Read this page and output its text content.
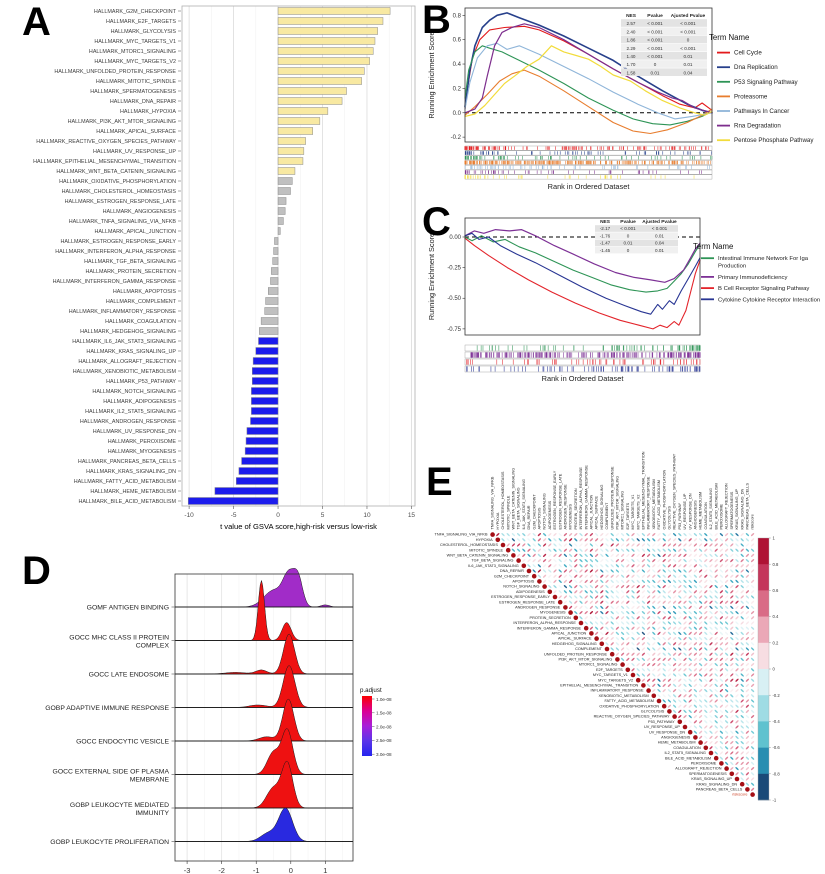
A	HALLMARK_G2M_CHECKPOINT
HALLMARK_E2F_TARGETS
HALLMARK_GLYCOLYSIS
HALLMARK_MYC_TARGETS_V1
HALLMARK_MTORC1_SIGNALING
HALLMARK_MYC_TARGETS_V2
HALLMARK_UNFOLDED_PROTEIN_RESPONSE
HALLMARK_MITOTIC_SPINDLE
HALLMARK_SPERMATOGENESIS
HALLMARK_DNA_REPAIR
HALLMARK_HYPOXIA
HALLMARK_PI3K_AKT_MTOR_SIGNALING
HALLMARK_APICAL_SURFACE
HALLMARK_REACTIVE_OXYGEN_SPECIES_PATHWAY
HALLMARK_UV_RESPONSE_UP
HALLMARK_EPITHELIAL_MESENCHYMAL_TRANSITION
HALLMARK_WNT_BETA_CATENIN_SIGNALING
HALLMARK_OXIDATIVE_PHOSPHORYLATION
HALLMARK_CHOLESTEROL_HOMEOSTASIS
HALLMARK_ESTROGEN_RESPONSE_LATE
HALLMARK_ANGIOGENESIS
HALLMARK_TNFA_SIGNALING_VIA_NFKB
HALLMARK_APICAL_JUNCTION
HALLMARK_ESTROGEN_RESPONSE_EARLY
HALLMARK_INTERFERON_ALPHA_RESPONSE
HALLMARK_TGF_BETA_SIGNALING
HALLMARK_PROTEIN_SECRETION
HALLMARK_INTERFERON_GAMMA_RESPONSE
HALLMARK_APOPTOSIS
HALLMARK_COMPLEMENT
HALLMARK_INFLAMMATORY_RESPONSE
HALLMARK_COAGULATION
HALLMARK_HEDGEHOG_SIGNALING
HALLMARK_IL6_JAK_STAT3_SIGNALING
HALLMARK_KRAS_SIGNALING_UP
HALLMARK_ALLOGRAFT_REJECTION
HALLMARK_XENOBIOTIC_METABOLISM
HALLMARK_P53_PATHWAY
HALLMARK_NOTCH_SIGNALING
HALLMARK_ADIPOGENESIS
HALLMARK_IL2_STAT5_SIGNALING
HALLMARK_ANDROGEN_RESPONSE
HALLMARK_UV_RESPONSE_DN
HALLMARK_PEROXISOME
HALLMARK_MYOGENESIS
HALLMARK_PANCREAS_BETA_CELLS
HALLMARK_KRAS_SIGNALING_DN
HALLMARK_FATTY_ACID_METABOLISM
HALLMARK_HEME_METABOLISM
HALLMARK_BILE_ACID_METABOLISM
-10	-5	0	5	10	15
t value of GSVA score,high-risk versus low-risk
B 0.8
0.6
0.4
0.2
0.0
-0.2
Running Enrichment Score
Rank in Ordered Dataset
NES Pvalue Ajusted Pvalue
2.57	< 0.001	< 0.001
2.40	< 0.001	< 0.001
1.86	< 0.001	0
2.29	< 0.001	< 0.001
1.40	< 0.001	0.01
1.70	0	0.01
1.58	0.01	0.04
Term Name
Cell Cycle
Dna Replication
P53 Signaling Pathway
Proteasome
Pathways In Cancer
Rna Degradation
Pentose Phosphate Pathway
C
0.00
-0.25
-0.50
-0.75
Running Enrichment Score
Rank in Ordered Dataset
NES Pvalue Ajusted Pvalue
-2.17 < 0.001	< 0.001
-1.76	0	0.01
-1.47	0.01	0.04
-1.45	0	0.01	Term Name
Intestinal Immune Network For Iga
Production
Primary Immunodeficiency
B Cell Receptor Signaling Pathway
Cytokine Cytokine Receptor Interaction
D
GOMF ANTIGEN BINDING
GOCC MHC CLASS II PROTEIN
COMPLEX
GOCC LATE ENDOSOME
GOBP ADAPTIVE IMMUNE RESPONSE
GOCC ENDOCYTIC VESICLE
GOCC EXTERNAL SIDE OF PLASMA
MEMBRANE
GOBP LEUKOCYTE MEDIATED
IMMUNITY
GOBP LEUKOCYTE PROLIFERATION
-3	-2	-1	0	1
p.adjust
1.0e-08
1.5e-08
2.0e-08
2.5e-08
3.0e-08
E	TNFA_SIGNALING_VIA_NFKB
TNFA_SIGNALING_VIA_NFKB
HYPOXIA
HYPOXIA
CHOLESTEROL_HOMEOSTASIS
CHOLESTEROL_HOMEOSTASIS
MITOTIC_SPINDLE
MITOTIC_SPINDLE
WNT_BETA_CATENIN_SIGNALING
WNT_BETA_CATENIN_SIGNALING
TGF_BETA_SIGNALING
TGF_BETA_SIGNALING
IL6_JAK_STAT3_SIGNALING
IL6_JAK_STAT3_SIGNALING
DNA_REPAIR
DNA_REPAIR
G2M_CHECKPOINT
G2M_CHECKPOINT
APOPTOSIS
APOPTOSIS
NOTCH_SIGNALING
NOTCH_SIGNALING
ADIPOGENESIS
ADIPOGENESIS
ESTROGEN_RESPONSE_EARLY
ESTROGEN_RESPONSE_EARLY
ESTROGEN_RESPONSE_LATE
ESTROGEN_RESPONSE_LATE
ANDROGEN_RESPONSE
ANDROGEN_RESPONSE
MYOGENESIS
MYOGENESIS
PROTEIN_SECRETION
PROTEIN_SECRETION
INTERFERON_ALPHA_RESPONSE
INTERFERON_ALPHA_RESPONSE
INTERFERON_GAMMA_RESPONSE
INTERFERON_GAMMA_RESPONSE
APICAL_JUNCTION
APICAL_JUNCTION
APICAL_SURFACE
APICAL_SURFACE
HEDGEHOG_SIGNALING
HEDGEHOG_SIGNALING
COMPLEMENT
COMPLEMENT
UNFOLDED_PROTEIN_RESPONSE
UNFOLDED_PROTEIN_RESPONSE
PI3K_AKT_MTOR_SIGNALING
PI3K_AKT_MTOR_SIGNALING
MTORC1_SIGNALING
MTORC1_SIGNALING
E2F_TARGETS
E2F_TARGETS
MYC_TARGETS_V1
MYC_TARGETS_V1
MYC_TARGETS_V2
MYC_TARGETS_V2
EPITHELIAL_MESENCHYMAL_TRANSITION
EPITHELIAL_MESENCHYMAL_TRANSITION
INFLAMMATORY_RESPONSE
INFLAMMATORY_RESPONSE
XENOBIOTIC_METABOLISM
XENOBIOTIC_METABOLISM
FATTY_ACID_METABOLISM
FATTY_ACID_METABOLISM
OXIDATIVE_PHOSPHORYLATION
OXIDATIVE_PHOSPHORYLATION
GLYCOLYSIS
GLYCOLYSIS
REACTIVE_OXYGEN_SPECIES_PATHWAY
REACTIVE_OXYGEN_SPECIES_PATHWAY
P53_PATHWAY
P53_PATHWAY
UV_RESPONSE_UP
UV_RESPONSE_UP
UV_RESPONSE_DN
UV_RESPONSE_DN
ANGIOGENESIS
ANGIOGENESIS
HEME_METABOLISM
HEME_METABOLISM
COAGULATION
COAGULATION
IL2_STAT5_SIGNALING
IL2_STAT5_SIGNALING
BILE_ACID_METABOLISM
BILE_ACID_METABOLISM
PEROXISOME
PEROXISOME
ALLOGRAFT_REJECTION
ALLOGRAFT_REJECTION
SPERMATOGENESIS
SPERMATOGENESIS
KRAS_SIGNALING_UP
KRAS_SIGNALING_UP
KRAS_SIGNALING_DN
KRAS_SIGNALING_DN
PANCREAS_BETA_CELLS
PANCREAS_BETA_CELLS
riskscore
riskscore
1
0.8
0.6
0.4
0.2
0
-0.2
-0.4
-0.6
-0.8
-1
